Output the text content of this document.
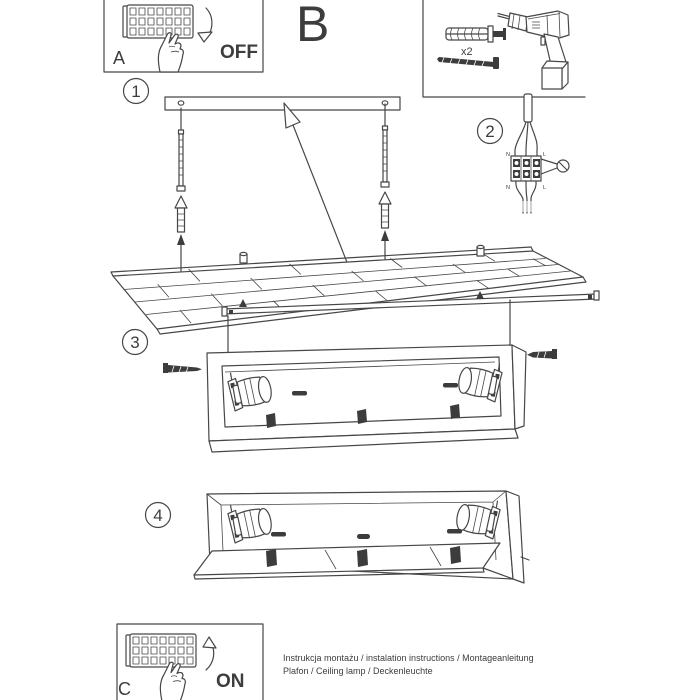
A	OFF
B	x2
1
2
N	L
N	L
3
4
C	ON
Instrukcja montażu / instalation instructions / Montageanleitung
Plafon / Ceiling lamp / Deckenleuchte
